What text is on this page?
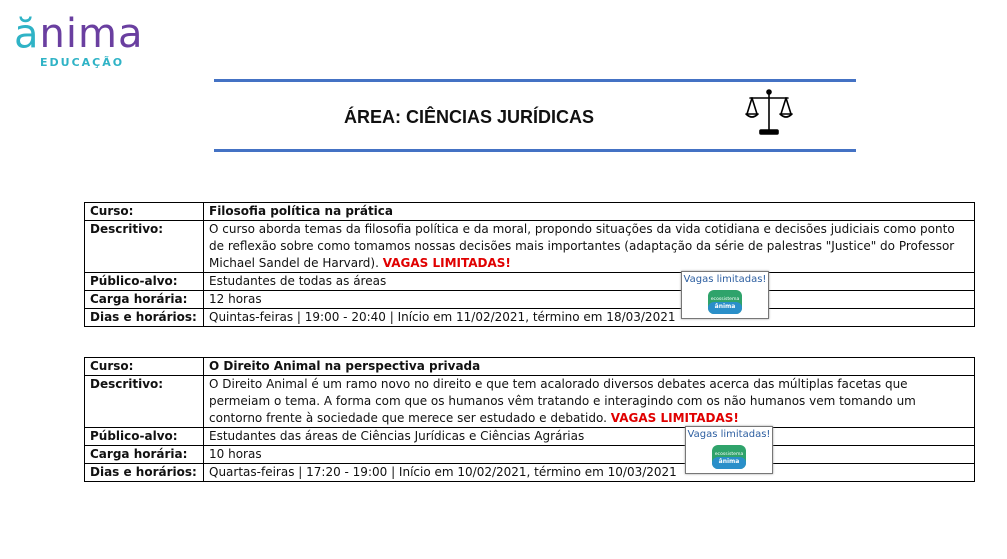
ănima
EDUCAÇÃO
ÁREA: CIÊNCIAS JURÍDICAS
Curso:	Filosofia política na prática
Descritivo:	O curso aborda temas da filosofia política e da moral, propondo situações da vida cotidiana e decisões judiciais como ponto de reflexão sobre como tomamos nossas decisões mais importantes (adaptação da série de palestras "Justice" do Professor Michael Sandel de Harvard). VAGAS LIMITADAS!
Público-alvo:	Estudantes de todas as áreas
Carga horária:	12 horas
Dias e horários:	Quintas-feiras | 19:00 - 20:40 | Início em 11/02/2021, término em 18/03/2021
Vagas limitadas!
ecossistema
ânima
Curso:	O Direito Animal na perspectiva privada
Descritivo:	O Direito Animal é um ramo novo no direito e que tem acalorado diversos debates acerca das múltiplas facetas que permeiam o tema. A forma com que os humanos vêm tratando e interagindo com os não humanos vem tomando um contorno frente à sociedade que merece ser estudado e debatido. VAGAS LIMITADAS!
Público-alvo:	Estudantes das áreas de Ciências Jurídicas e Ciências Agrárias
Carga horária:	10 horas
Dias e horários:	Quartas-feiras | 17:20 - 19:00 | Início em 10/02/2021, término em 10/03/2021
Vagas limitadas!
ecossistema
ânima
